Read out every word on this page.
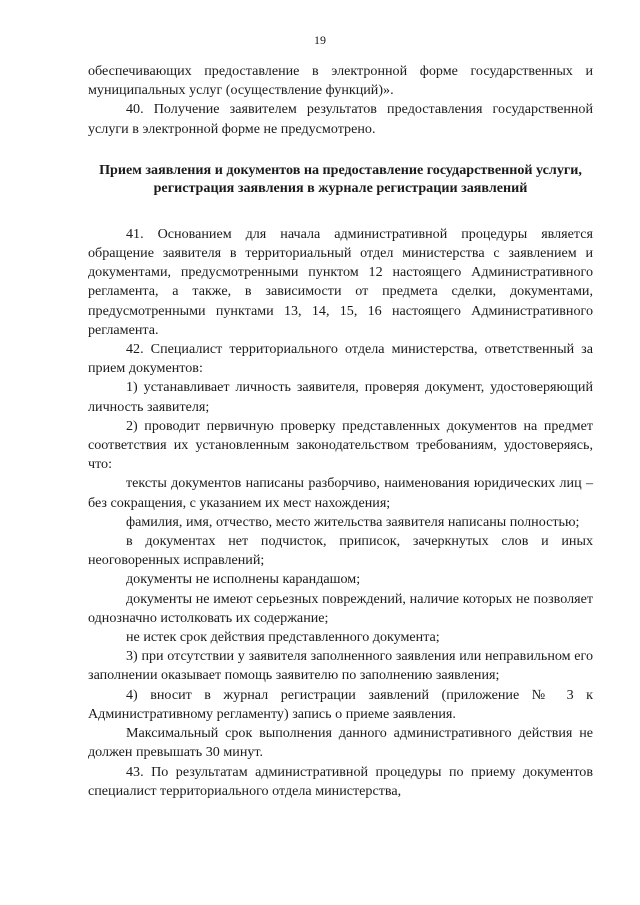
19

обеспечивающих предоставление в электронной форме государственных и муниципальных услуг (осуществление функций)».

40. Получение заявителем результатов предоставления государственной услуги в электронной форме не предусмотрено.

Прием заявления и документов на предоставление государственной услуги, регистрация заявления в журнале регистрации заявлений

41. Основанием для начала административной процедуры является обращение заявителя в территориальный отдел министерства с заявлением и документами, предусмотренными пунктом 12 настоящего Административного регламента, а также, в зависимости от предмета сделки, документами, предусмотренными пунктами 13, 14, 15, 16 настоящего Административного регламента.

42. Специалист территориального отдела министерства, ответственный за прием документов:

1) устанавливает личность заявителя, проверяя документ, удостоверяющий личность заявителя;

2) проводит первичную проверку представленных документов на предмет соответствия их установленным законодательством требованиям, удостоверяясь, что:

тексты документов написаны разборчиво, наименования юридических лиц – без сокращения, с указанием их мест нахождения;

фамилия, имя, отчество, место жительства заявителя написаны полностью;

в документах нет подчисток, приписок, зачеркнутых слов и иных неоговоренных исправлений;

документы не исполнены карандашом;

документы не имеют серьезных повреждений, наличие которых не позволяет однозначно истолковать их содержание;

не истек срок действия представленного документа;

3) при отсутствии у заявителя заполненного заявления или неправильном его заполнении оказывает помощь заявителю по заполнению заявления;

4) вносит в журнал регистрации заявлений (приложение № 3 к Административному регламенту) запись о приеме заявления.

Максимальный срок выполнения данного административного действия не должен превышать 30 минут.

43. По результатам административной процедуры по приему документов специалист территориального отдела министерства,
